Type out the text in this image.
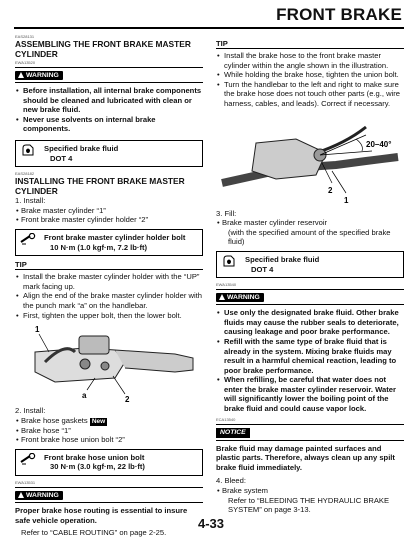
FRONT BRAKE
EAS28131
ASSEMBLING THE FRONT BRAKE MASTER CYLINDER
EWA13520
WARNING
• Before installation, all internal brake components should be cleaned and lubricated with clean or new brake fluid.
• Never use solvents on internal brake components.
Specified brake fluid
DOT 4
EAS28182
INSTALLING THE FRONT BRAKE MASTER CYLINDER
1. Install:
• Brake master cylinder “1”
• Front brake master cylinder holder “2”
Front brake master cylinder holder bolt
10 N·m (1.0 kgf·m, 7.2 lb·ft)
TIP
• Install the brake master cylinder holder with the “UP” mark facing up.
• Align the end of the brake master cylinder holder with the punch mark “a” on the handlebar.
• First, tighten the upper bolt, then the lower bolt.
1
a	2
2. Install:
• Brake hose gaskets New
• Brake hose “1”
• Front brake hose union bolt “2”
Front brake hose union bolt
30 N·m (3.0 kgf·m, 22 lb·ft)
EWA13531
WARNING
Proper brake hose routing is essential to insure safe vehicle operation.
Refer to “CABLE ROUTING” on page 2-25.
TIP
• Install the brake hose to the front brake master cylinder within the angle shown in the illustration.
• While holding the brake hose, tighten the union bolt.
• Turn the handlebar to the left and right to make sure the brake hose does not touch other parts (e.g., wire harness, cables, and leads). Correct if necessary.
20–40°
2
1
3. Fill:
• Brake master cylinder reservoir
(with the specified amount of the specified brake fluid)
Specified brake fluid
DOT 4
EWA13540
WARNING
• Use only the designated brake fluid. Other brake fluids may cause the rubber seals to deteriorate, causing leakage and poor brake performance.
• Refill with the same type of brake fluid that is already in the system. Mixing brake fluids may result in a harmful chemical reaction, leading to poor brake performance.
• When refilling, be careful that water does not enter the brake master cylinder reservoir. Water will significantly lower the boiling point of the brake fluid and could cause vapor lock.
ECA13540
NOTICE
Brake fluid may damage painted surfaces and plastic parts. Therefore, always clean up any spilt brake fluid immediately.
4. Bleed:
• Brake system
Refer to “BLEEDING THE HYDRAULIC BRAKE SYSTEM” on page 3-13.
4-33
